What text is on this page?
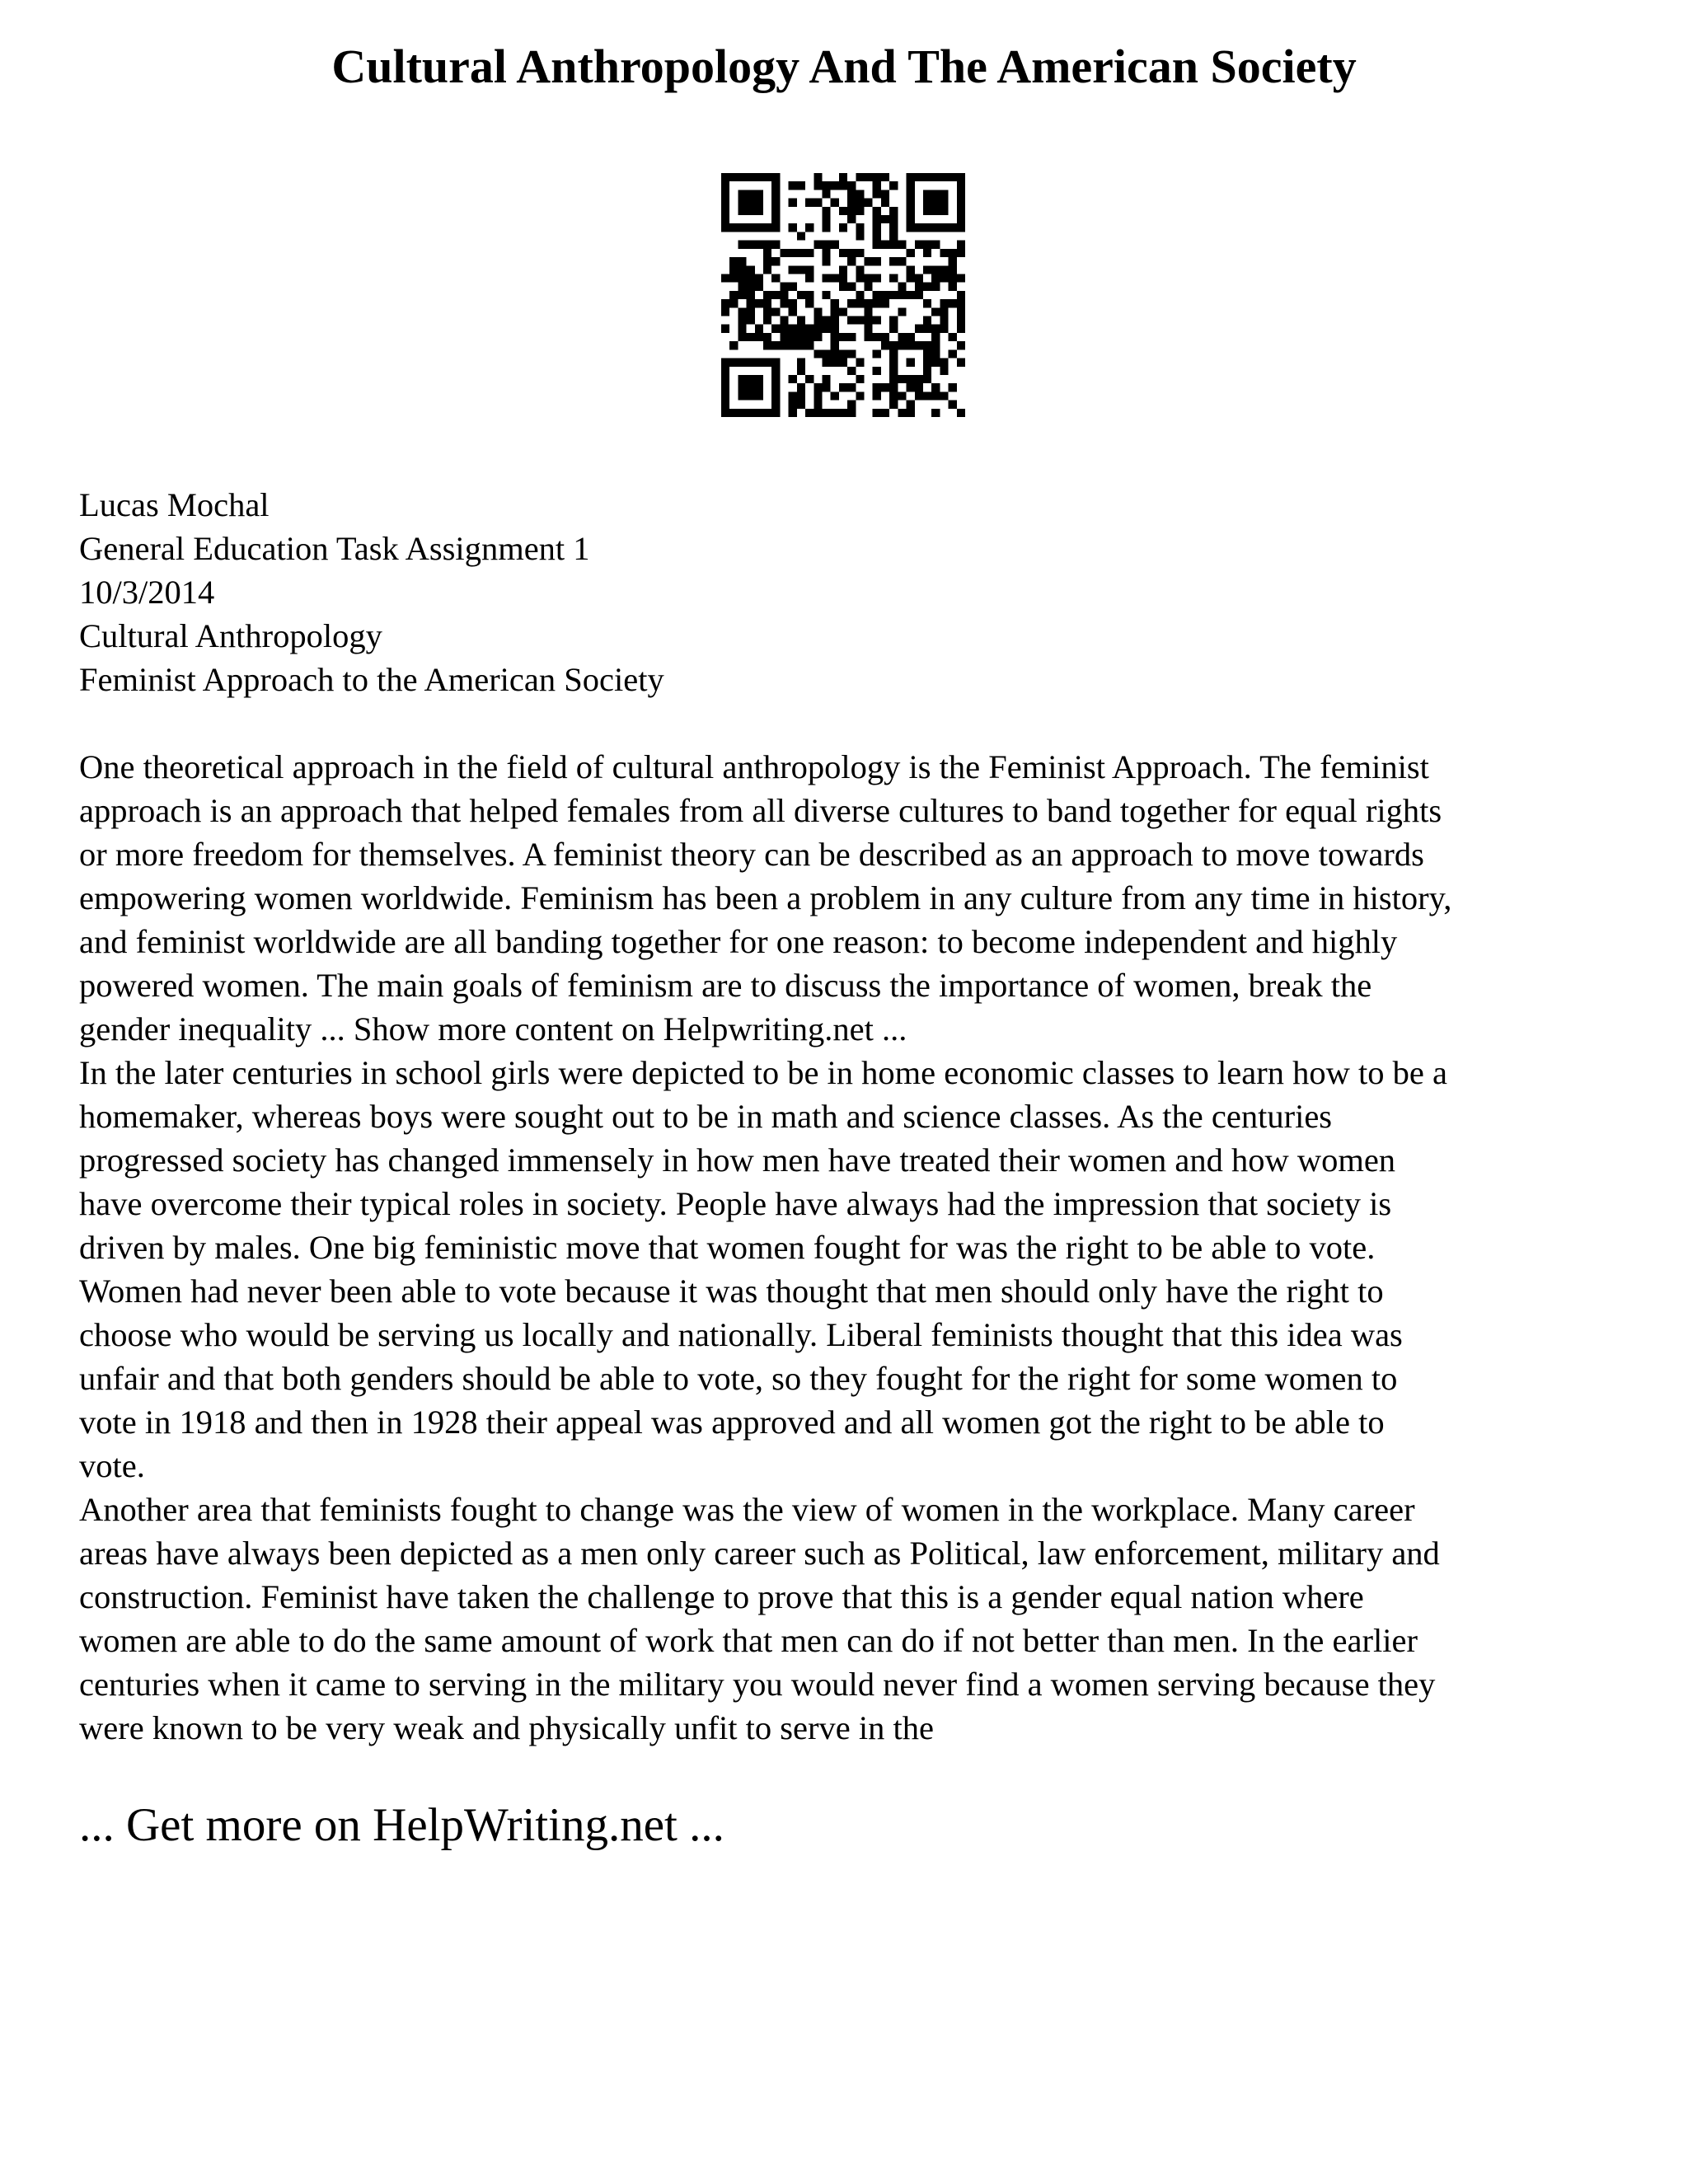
Cultural Anthropology And The American Society
Lucas Mochal
General Education Task Assignment 1
10/3/2014
Cultural Anthropology
Feminist Approach to the American Society
One theoretical approach in the field of cultural anthropology is the Feminist Approach. The feminist
approach is an approach that helped females from all diverse cultures to band together for equal rights
or more freedom for themselves. A feminist theory can be described as an approach to move towards
empowering women worldwide. Feminism has been a problem in any culture from any time in history,
and feminist worldwide are all banding together for one reason: to become independent and highly
powered women. The main goals of feminism are to discuss the importance of women, break the
gender inequality ... Show more content on Helpwriting.net ...
In the later centuries in school girls were depicted to be in home economic classes to learn how to be a
homemaker, whereas boys were sought out to be in math and science classes. As the centuries
progressed society has changed immensely in how men have treated their women and how women
have overcome their typical roles in society. People have always had the impression that society is
driven by males. One big feministic move that women fought for was the right to be able to vote.
Women had never been able to vote because it was thought that men should only have the right to
choose who would be serving us locally and nationally. Liberal feminists thought that this idea was
unfair and that both genders should be able to vote, so they fought for the right for some women to
vote in 1918 and then in 1928 their appeal was approved and all women got the right to be able to
vote.
Another area that feminists fought to change was the view of women in the workplace. Many career
areas have always been depicted as a men only career such as Political, law enforcement, military and
construction. Feminist have taken the challenge to prove that this is a gender equal nation where
women are able to do the same amount of work that men can do if not better than men. In the earlier
centuries when it came to serving in the military you would never find a women serving because they
were known to be very weak and physically unfit to serve in the
... Get more on HelpWriting.net ...
